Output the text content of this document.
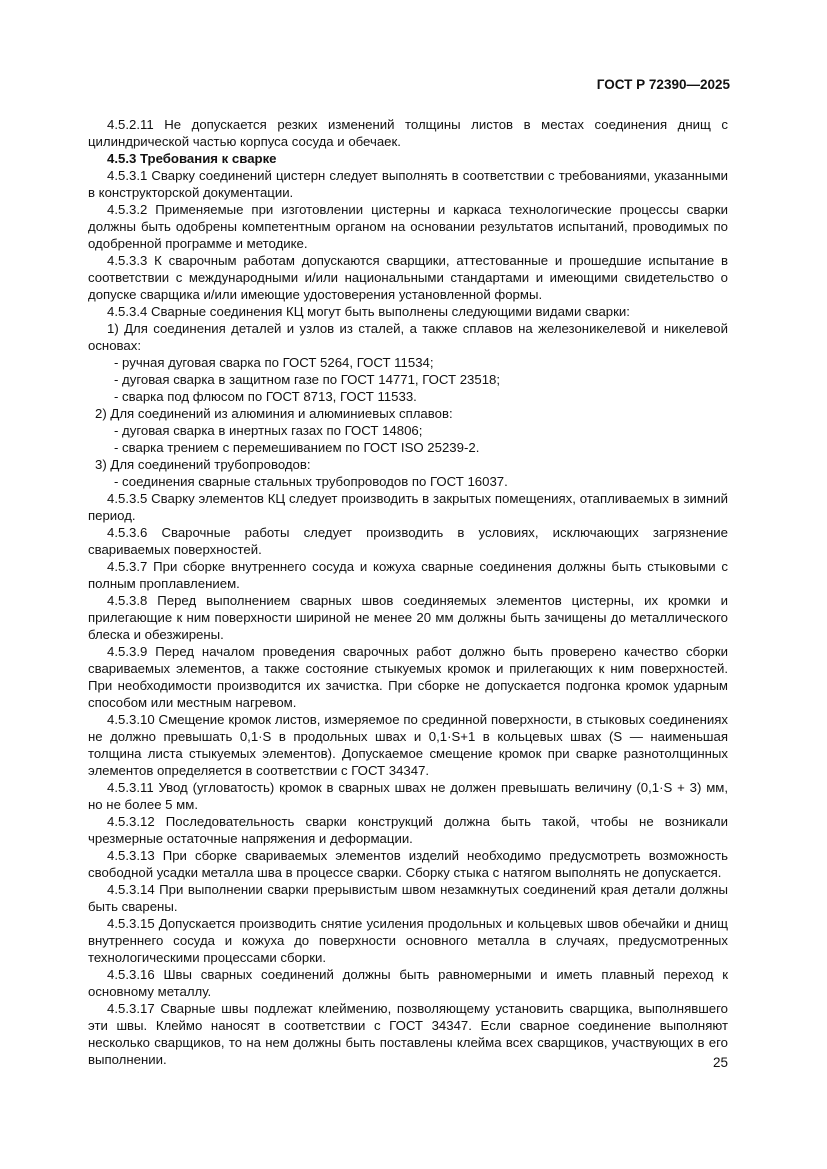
ГОСТ Р 72390—2025

4.5.2.11 Не допускается резких изменений толщины листов в местах соединения днищ с цилиндрической частью корпуса сосуда и обечаек.

4.5.3 Требования к сварке

4.5.3.1 Сварку соединений цистерн следует выполнять в соответствии с требованиями, указанными в конструкторской документации.

4.5.3.2 Применяемые при изготовлении цистерны и каркаса технологические процессы сварки должны быть одобрены компетентным органом на основании результатов испытаний, проводимых по одобренной программе и методике.

4.5.3.3 К сварочным работам допускаются сварщики, аттестованные и прошедшие испытание в соответствии с международными и/или национальными стандартами и имеющими свидетельство о допуске сварщика и/или имеющие удостоверения установленной формы.

4.5.3.4 Сварные соединения КЦ могут быть выполнены следующими видами сварки:

1) Для соединения деталей и узлов из сталей, а также сплавов на железоникелевой и никелевой основах:

- ручная дуговая сварка по ГОСТ 5264, ГОСТ 11534;

- дуговая сварка в защитном газе по ГОСТ 14771, ГОСТ 23518;

- сварка под флюсом по ГОСТ 8713, ГОСТ 11533.

2) Для соединений из алюминия и алюминиевых сплавов:

- дуговая сварка в инертных газах по ГОСТ 14806;

- сварка трением с перемешиванием по ГОСТ ISO 25239-2.

3) Для соединений трубопроводов:

- соединения сварные стальных трубопроводов по ГОСТ 16037.

4.5.3.5 Сварку элементов КЦ следует производить в закрытых помещениях, отапливаемых в зимний период.

4.5.3.6 Сварочные работы следует производить в условиях, исключающих загрязнение свариваемых поверхностей.

4.5.3.7 При сборке внутреннего сосуда и кожуха сварные соединения должны быть стыковыми с полным проплавлением.

4.5.3.8 Перед выполнением сварных швов соединяемых элементов цистерны, их кромки и прилегающие к ним поверхности шириной не менее 20 мм должны быть зачищены до металлического блеска и обезжирены.

4.5.3.9 Перед началом проведения сварочных работ должно быть проверено качество сборки свариваемых элементов, а также состояние стыкуемых кромок и прилегающих к ним поверхностей. При необходимости производится их зачистка. При сборке не допускается подгонка кромок ударным способом или местным нагревом.

4.5.3.10 Смещение кромок листов, измеряемое по срединной поверхности, в стыковых соединениях не должно превышать 0,1·S в продольных швах и 0,1·S+1 в кольцевых швах (S — наименьшая толщина листа стыкуемых элементов). Допускаемое смещение кромок при сварке разнотолщинных элементов определяется в соответствии с ГОСТ 34347.

4.5.3.11 Увод (угловатость) кромок в сварных швах не должен превышать величину (0,1·S + 3) мм, но не более 5 мм.

4.5.3.12 Последовательность сварки конструкций должна быть такой, чтобы не возникали чрезмерные остаточные напряжения и деформации.

4.5.3.13 При сборке свариваемых элементов изделий необходимо предусмотреть возможность свободной усадки металла шва в процессе сварки. Сборку стыка с натягом выполнять не допускается.

4.5.3.14 При выполнении сварки прерывистым швом незамкнутых соединений края детали должны быть сварены.

4.5.3.15 Допускается производить снятие усиления продольных и кольцевых швов обечайки и днищ внутреннего сосуда и кожуха до поверхности основного металла в случаях, предусмотренных технологическими процессами сборки.

4.5.3.16 Швы сварных соединений должны быть равномерными и иметь плавный переход к основному металлу.

4.5.3.17 Сварные швы подлежат клеймению, позволяющему установить сварщика, выполнявшего эти швы. Клеймо наносят в соответствии с ГОСТ 34347. Если сварное соединение выполняют несколько сварщиков, то на нем должны быть поставлены клейма всех сварщиков, участвующих в его выполнении.	25
